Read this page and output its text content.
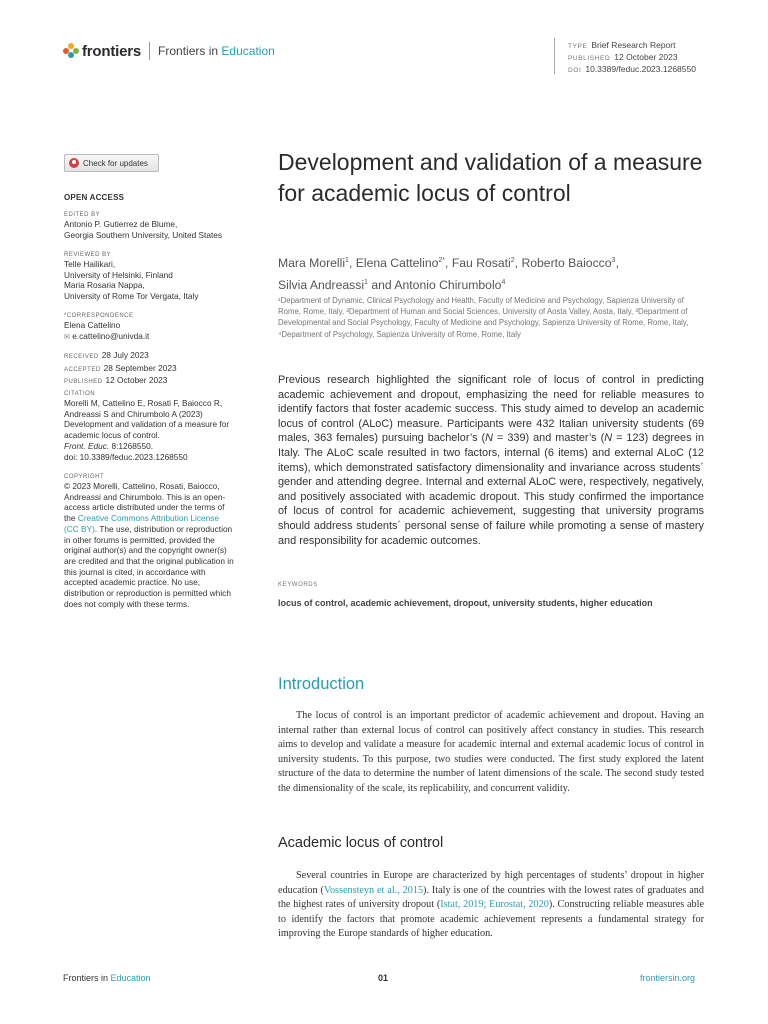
frontiers Frontiers in Education	TYPE Brief Research Report
PUBLISHED 12 October 2023
DOI 10.3389/feduc.2023.1268550
Check for updates
OPEN ACCESS
EDITED BY
Antonio P. Gutierrez de Blume,
Georgia Southern University, United States
REVIEWED BY
Telle Hailikari,
University of Helsinki, Finland
Maria Rosaria Nappa,
University of Rome Tor Vergata, Italy
*CORRESPONDENCE
Elena Cattelino
✉ e.cattelino@univda.it
RECEIVED 28 July 2023
ACCEPTED 28 September 2023
PUBLISHED 12 October 2023
CITATION
Morelli M, Cattelino E, Rosati F, Baiocco R,
Andreassi S and Chirumbolo A (2023)
Development and validation of a measure for
academic locus of control.
Front. Educ. 8:1268550.
doi: 10.3389/feduc.2023.1268550
COPYRIGHT
© 2023 Morelli, Cattelino, Rosati, Baiocco,
Andreassi and Chirumbolo. This is an open-
access article distributed under the terms of
the Creative Commons Attribution License
(CC BY). The use, distribution or reproduction
in other forums is permitted, provided the
original author(s) and the copyright owner(s)
are credited and that the original publication in
this journal is cited, in accordance with
accepted academic practice. No use,
distribution or reproduction is permitted which
does not comply with these terms.
Development and validation of a measure for academic locus of control
Mara Morelli$^1$, Elena Cattelino$^{2*}$, Fau Rosati$^2$, Roberto Baiocco$^3$,
Silvia Andreassi$^1$ and Antonio Chirumbolo$^4$
¹Department of Dynamic, Clinical Psychology and Health, Faculty of Medicine and Psychology, Sapienza University of Rome, Rome, Italy, ²Department of Human and Social Sciences, University of Aosta Valley, Aosta, Italy, ³Department of Developmental and Social Psychology, Faculty of Medicine and Psychology, Sapienza University of Rome, Rome, Italy, ⁴Department of Psychology, Sapienza University of Rome, Rome, Italy
Previous research highlighted the significant role of locus of control in predicting academic achievement and dropout, emphasizing the need for reliable measures to identify factors that foster academic success. This study aimed to develop an academic locus of control (ALoC) measure. Participants were 432 Italian university students (69 males, 363 females) pursuing bachelor’s (N = 339) and master’s (N = 123) degrees in Italy. The ALoC scale resulted in two factors, internal (6 items) and external ALoC (12 items), which demonstrated satisfactory dimensionality and invariance across students´ gender and attending degree. Internal and external ALoC were, respectively, negatively, and positively associated with academic dropout. This study confirmed the importance of locus of control for academic achievement, suggesting that university programs should address students´ personal sense of failure while promoting a sense of mastery and responsibility for academic outcomes.
KEYWORDS
locus of control, academic achievement, dropout, university students, higher education
Introduction

The locus of control is an important predictor of academic achievement and dropout. Having an internal rather than external locus of control can positively affect constancy in studies. This research aims to develop and validate a measure for academic internal and external academic locus of control in university students. To this purpose, two studies were conducted. The first study explored the latent structure of the data to determine the number of latent dimensions of the scale. The second study tested the dimensionality of the scale, its replicability, and concurrent validity.

Academic locus of control

Several countries in Europe are characterized by high percentages of students’ dropout in higher education (Vossensteyn et al., 2015). Italy is one of the countries with the lowest rates of graduates and the highest rates of university dropout (Istat, 2019; Eurostat, 2020). Constructing reliable measures able to identify the factors that promote academic achievement represents a fundamental strategy for improving the Europe standards of higher education.

Frontiers in Education	01	frontiersin.org
